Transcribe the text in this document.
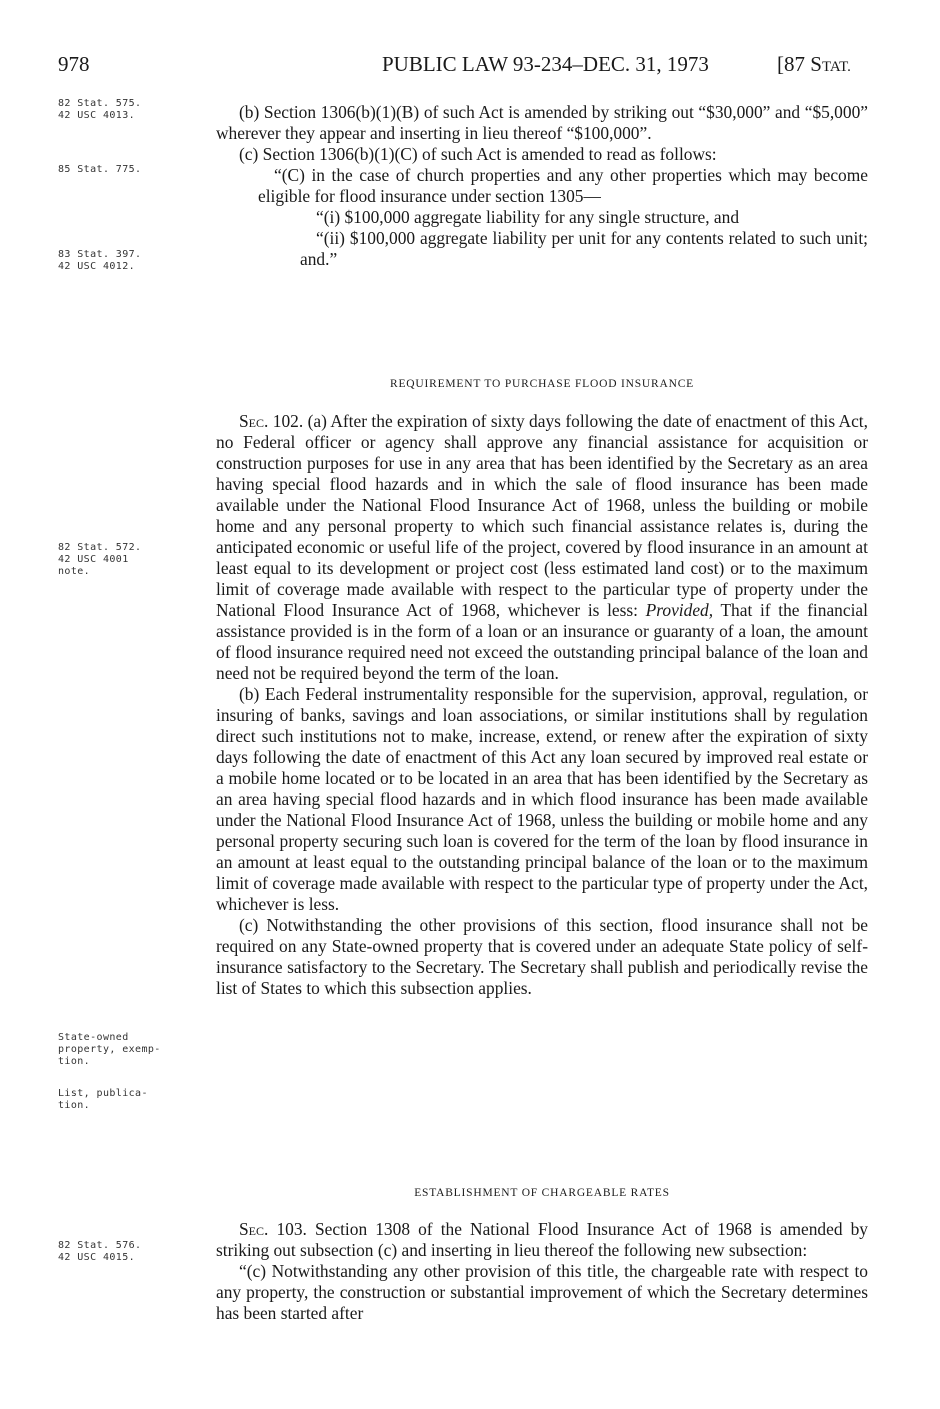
978	PUBLIC LAW 93-234–DEC. 31, 1973	[87 STAT.
82 Stat. 575.
42 USC 4013.
85 Stat. 775.
83 Stat. 397.
42 USC 4012.
82 Stat. 572.
42 USC 4001
note.
State-owned
property, exemp-
tion.
List, publica-
tion.
82 Stat. 576.
42 USC 4015.

(b) Section 1306(b)(1)(B) of such Act is amended by striking out “$30,000” and “$5,000” wherever they appear and inserting in lieu thereof “$100,000”.

(c) Section 1306(b)(1)(C) of such Act is amended to read as follows:

“(C) in the case of church properties and any other properties which may become eligible for flood insurance under section 1305—

“(i) $100,000 aggregate liability for any single structure, and

“(ii) $100,000 aggregate liability per unit for any contents related to such unit; and.”

REQUIREMENT TO PURCHASE FLOOD INSURANCE

Sec. 102. (a) After the expiration of sixty days following the date of enactment of this Act, no Federal officer or agency shall approve any financial assistance for acquisition or construction purposes for use in any area that has been identified by the Secretary as an area having special flood hazards and in which the sale of flood insurance has been made available under the National Flood Insurance Act of 1968, unless the building or mobile home and any personal property to which such financial assistance relates is, during the anticipated economic or useful life of the project, covered by flood insurance in an amount at least equal to its development or project cost (less estimated land cost) or to the maximum limit of coverage made available with respect to the particular type of property under the National Flood Insurance Act of 1968, whichever is less: Provided, That if the financial assistance provided is in the form of a loan or an insurance or guaranty of a loan, the amount of flood insurance required need not exceed the outstanding principal balance of the loan and need not be required beyond the term of the loan.

(b) Each Federal instrumentality responsible for the supervision, approval, regulation, or insuring of banks, savings and loan associations, or similar institutions shall by regulation direct such institutions not to make, increase, extend, or renew after the expiration of sixty days following the date of enactment of this Act any loan secured by improved real estate or a mobile home located or to be located in an area that has been identified by the Secretary as an area having special flood hazards and in which flood insurance has been made available under the National Flood Insurance Act of 1968, unless the building or mobile home and any personal property securing such loan is covered for the term of the loan by flood insurance in an amount at least equal to the outstanding principal balance of the loan or to the maximum limit of coverage made available with respect to the particular type of property under the Act, whichever is less.

(c) Notwithstanding the other provisions of this section, flood insurance shall not be required on any State-owned property that is covered under an adequate State policy of self-insurance satisfactory to the Secretary. The Secretary shall publish and periodically revise the list of States to which this subsection applies.

ESTABLISHMENT OF CHARGEABLE RATES

Sec. 103. Section 1308 of the National Flood Insurance Act of 1968 is amended by striking out subsection (c) and inserting in lieu thereof the following new subsection:

“(c) Notwithstanding any other provision of this title, the chargeable rate with respect to any property, the construction or substantial improvement of which the Secretary determines has been started after
